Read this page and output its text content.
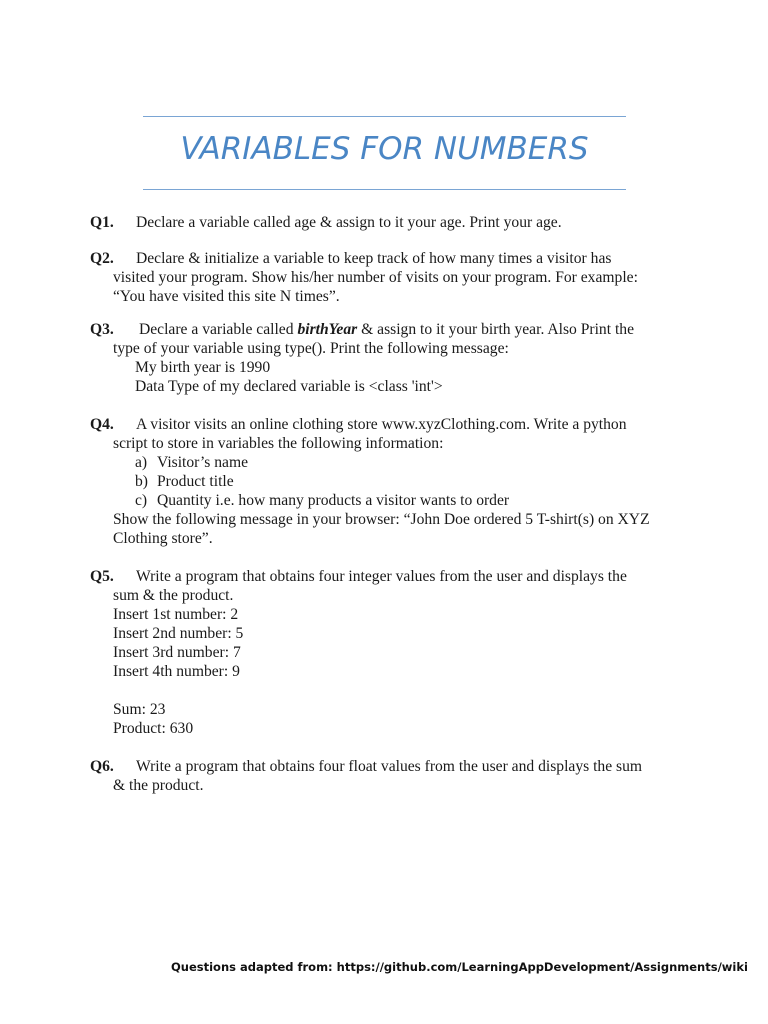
VARIABLES FOR NUMBERS
Q1. Declare a variable called age & assign to it your age. Print your age.
Q2. Declare & initialize a variable to keep track of how many times a visitor has
visited your program. Show his/her number of visits on your program. For example:
“You have visited this site N times”.
Q3. Declare a variable called birthYear & assign to it your birth year. Also Print the
type of your variable using type(). Print the following message:
My birth year is 1990
Data Type of my declared variable is <class 'int'>
Q4. A visitor visits an online clothing store www.xyzClothing.com. Write a python
script to store in variables the following information:
a) Visitor’s name
b) Product title
c) Quantity i.e. how many products a visitor wants to order
Show the following message in your browser: “John Doe ordered 5 T-shirt(s) on XYZ
Clothing store”.
Q5. Write a program that obtains four integer values from the user and displays the
sum & the product.
Insert 1st number: 2
Insert 2nd number: 5
Insert 3rd number: 7
Insert 4th number: 9
Sum: 23
Product: 630
Q6. Write a program that obtains four float values from the user and displays the sum
& the product.
Questions adapted from: https://github.com/LearningAppDevelopment/Assignments/wiki
